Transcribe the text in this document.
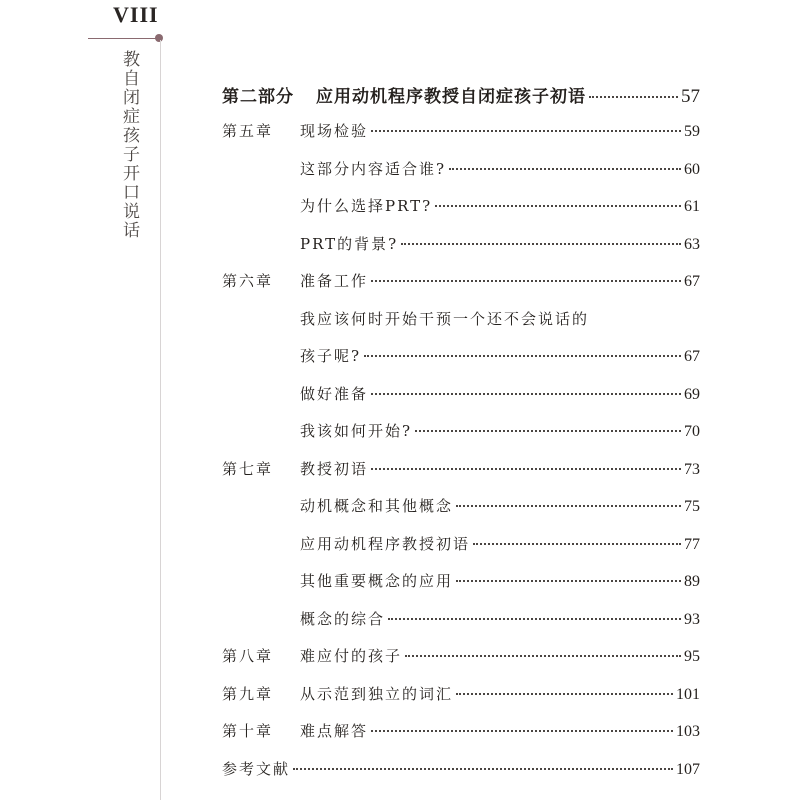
VIII
教自闭症孩子开口说话	第二部分	应用动机程序教授自闭症孩子初语	57
第五章	现场检验	59
这部分内容适合谁?	60
为什么选择PRT?	61
PRT的背景?	63
第六章	准备工作	67
我应该何时开始干预一个还不会说话的
孩子呢?	67
做好准备	69
我该如何开始?	70
第七章	教授初语	73
动机概念和其他概念	75
应用动机程序教授初语	77
其他重要概念的应用	89
概念的综合	93
第八章	难应付的孩子	95
第九章	从示范到独立的词汇	101
第十章	难点解答	103
参考文献	107
